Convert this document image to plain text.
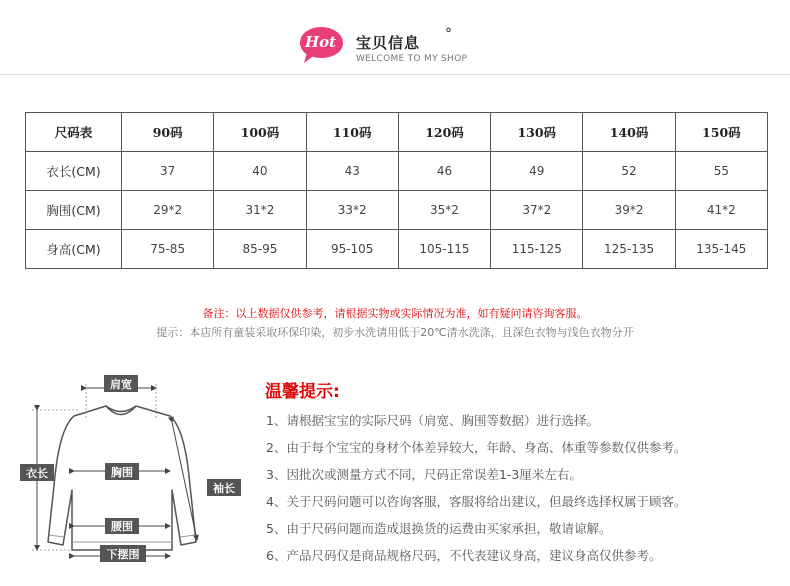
Hot 宝贝信息 °
WELCOME TO MY SHOP
尺码表	90码	100码	110码	120码	130码	140码	150码
衣长(CM)	37	40	43	46	49	52	55
胸围(CM)	29*2	31*2	33*2	35*2	37*2	39*2	41*2
身高(CM)	75-85	85-95	95-105	105-115	115-125	125-135	135-145
备注：以上数据仅供参考，请根据实物或实际情况为准，如有疑问请咨询客服。
提示：本店所有童装采取环保印染，初步水洗请用低于20℃清水洗涤，且深色衣物与浅色衣物分开
肩宽
衣长	胸围
袖长
腰围
下摆围
温馨提示:
1、请根据宝宝的实际尺码（肩宽、胸围等数据）进行选择。
2、由于每个宝宝的身材个体差异较大，年龄、身高、体重等参数仅供参考。
3、因批次或测量方式不同，尺码正常误差1-3厘米左右。
4、关于尺码问题可以咨询客服，客服将给出建议，但最终选择权属于顾客。
5、由于尺码问题而造成退换货的运费由买家承担，敬请谅解。
6、产品尺码仅是商品规格尺码，不代表建议身高，建议身高仅供参考。
